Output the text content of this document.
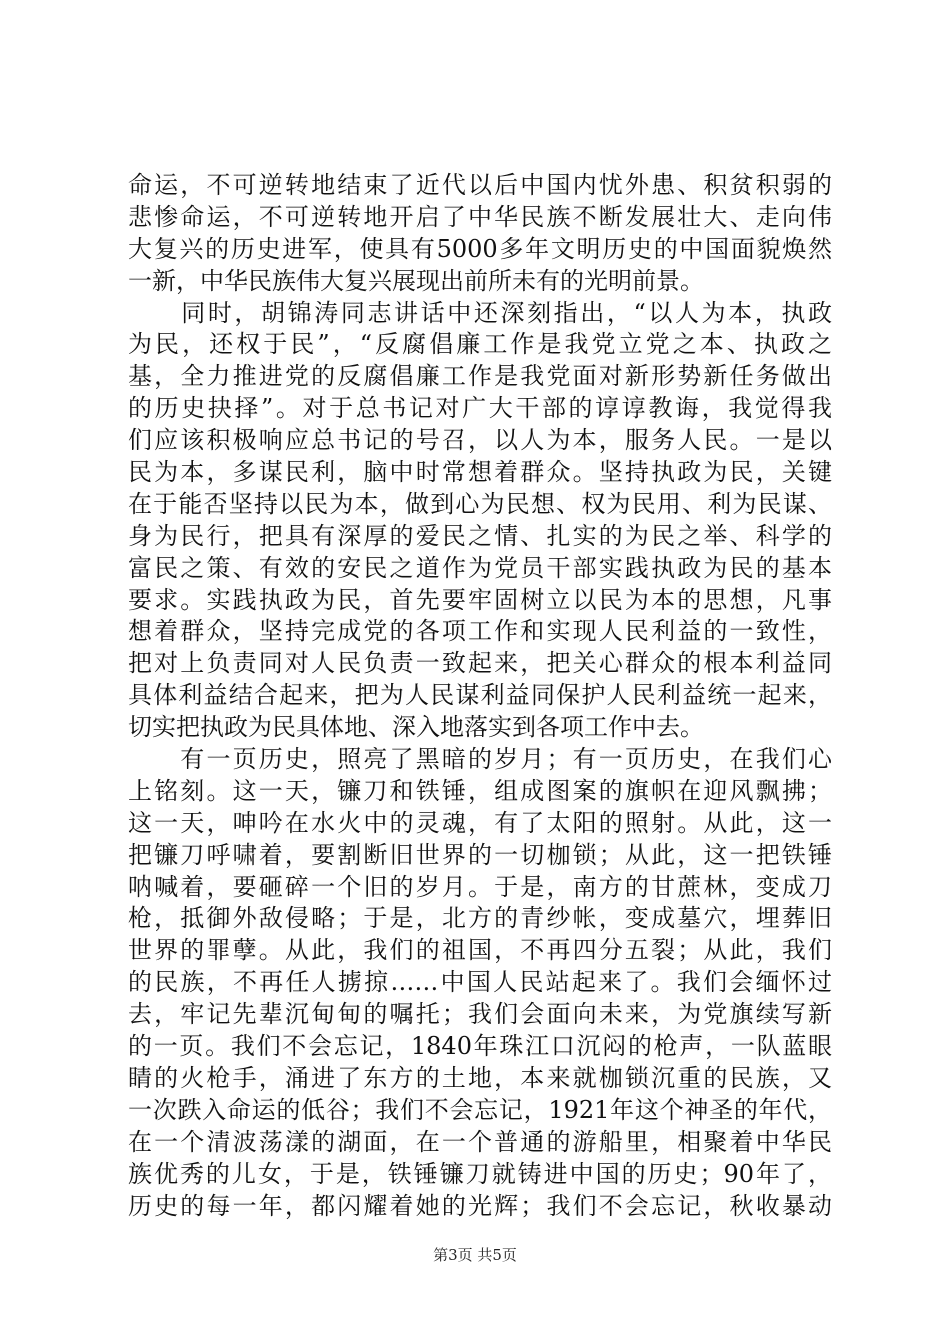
命运，不可逆转地结束了近代以后中国内忧外患、积贫积弱的
悲惨命运，不可逆转地开启了中华民族不断发展壮大、走向伟
大复兴的历史进军，使具有5000多年文明历史的中国面貌焕然
一新，中华民族伟大复兴展现出前所未有的光明前景。
　　同时，胡锦涛同志讲话中还深刻指出，“以人为本，执政
为民，还权于民”，“反腐倡廉工作是我党立党之本、执政之
基，全力推进党的反腐倡廉工作是我党面对新形势新任务做出
的历史抉择”。对于总书记对广大干部的谆谆教诲，我觉得我
们应该积极响应总书记的号召，以人为本，服务人民。一是以
民为本，多谋民利，脑中时常想着群众。坚持执政为民，关键
在于能否坚持以民为本，做到心为民想、权为民用、利为民谋、
身为民行，把具有深厚的爱民之情、扎实的为民之举、科学的
富民之策、有效的安民之道作为党员干部实践执政为民的基本
要求。实践执政为民，首先要牢固树立以民为本的思想，凡事
想着群众，坚持完成党的各项工作和实现人民利益的一致性，
把对上负责同对人民负责一致起来，把关心群众的根本利益同
具体利益结合起来，把为人民谋利益同保护人民利益统一起来，
切实把执政为民具体地、深入地落实到各项工作中去。
　　有一页历史，照亮了黑暗的岁月；有一页历史，在我们心
上铭刻。这一天，镰刀和铁锤，组成图案的旗帜在迎风飘拂；
这一天，呻吟在水火中的灵魂，有了太阳的照射。从此，这一
把镰刀呼啸着，要割断旧世界的一切枷锁；从此，这一把铁锤
呐喊着，要砸碎一个旧的岁月。于是，南方的甘蔗林，变成刀
枪，抵御外敌侵略；于是，北方的青纱帐，变成墓穴，埋葬旧
世界的罪孽。从此，我们的祖国，不再四分五裂；从此，我们
的民族，不再任人掳掠……中国人民站起来了。我们会缅怀过
去，牢记先辈沉甸甸的嘱托；我们会面向未来，为党旗续写新
的一页。我们不会忘记，1840年珠江口沉闷的枪声，一队蓝眼
睛的火枪手，涌进了东方的土地，本来就枷锁沉重的民族，又
一次跌入命运的低谷；我们不会忘记，1921年这个神圣的年代，
在一个清波荡漾的湖面，在一个普通的游船里，相聚着中华民
族优秀的儿女，于是，铁锤镰刀就铸进中国的历史；90年了，
历史的每一年，都闪耀着她的光辉；我们不会忘记，秋收暴动
第3页 共5页
